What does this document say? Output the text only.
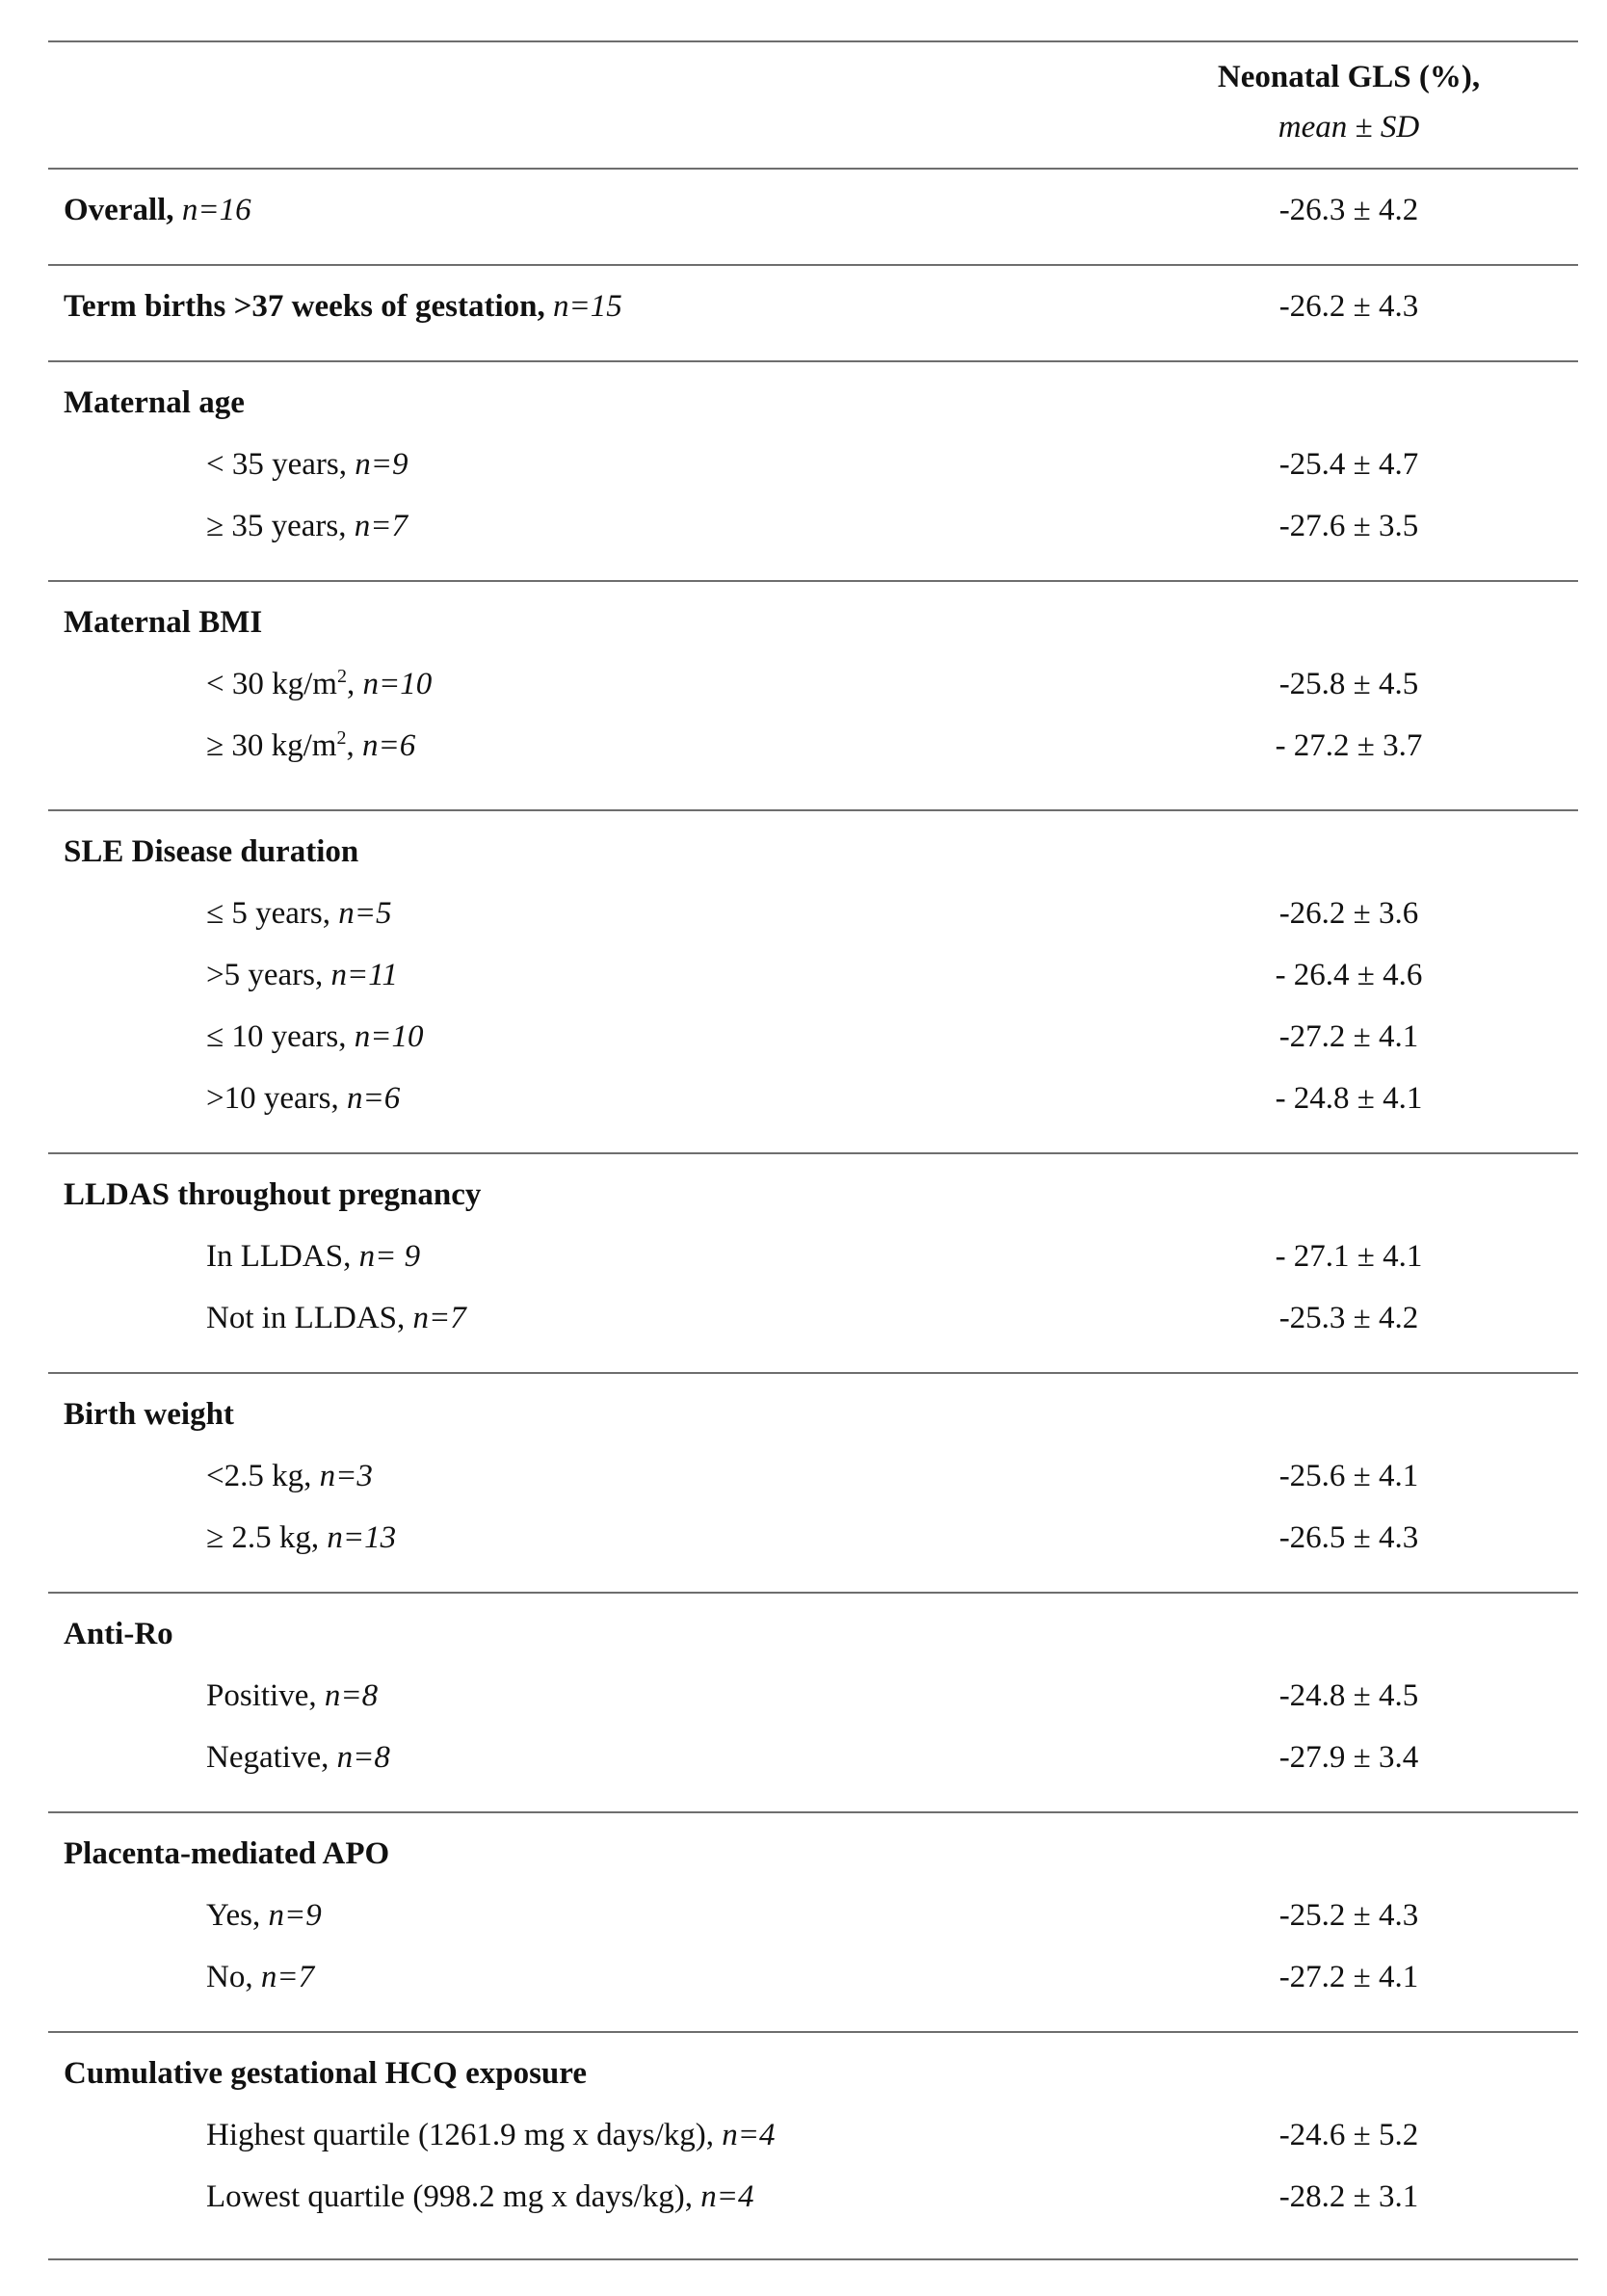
Neonatal GLS (%),
mean ± SD
Overall, n=16	-26.3 ± 4.2
Term births >37 weeks of gestation, n=15	-26.2 ± 4.3
Maternal age
< 35 years, n=9	-25.4 ± 4.7
≥ 35 years, n=7	-27.6 ± 3.5
Maternal BMI
< 30 $kg/m^2$, n=10	-25.8 ± 4.5
≥ 30 $kg/m^2$, n=6	- 27.2 ± 3.7
SLE Disease duration
≤ 5 years, n=5	-26.2 ± 3.6
>5 years, n=11	- 26.4 ± 4.6
≤ 10 years, n=10	-27.2 ± 4.1
>10 years, n=6	- 24.8 ± 4.1
LLDAS throughout pregnancy
In LLDAS, n= 9	- 27.1 ± 4.1
Not in LLDAS, n=7	-25.3 ± 4.2
Birth weight
<2.5 kg, n=3	-25.6 ± 4.1
≥ 2.5 kg, n=13	-26.5 ± 4.3
Anti-Ro
Positive, n=8	-24.8 ± 4.5
Negative, n=8	-27.9 ± 3.4
Placenta-mediated APO
Yes, n=9	-25.2 ± 4.3
No, n=7	-27.2 ± 4.1
Cumulative gestational HCQ exposure
Highest quartile (1261.9 mg x days/kg), n=4	-24.6 ± 5.2
Lowest quartile (998.2 mg x days/kg), n=4	-28.2 ± 3.1
